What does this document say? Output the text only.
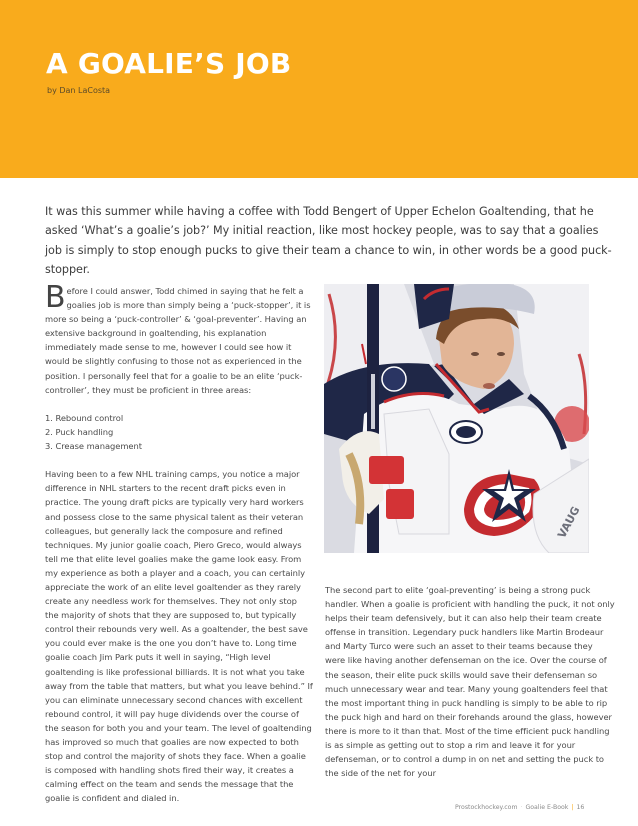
A GOALIE’S JOB
by Dan LaCosta

It was this summer while having a coffee with Todd Bengert of Upper Echelon Goaltending, that he asked ‘What’s a goalie’s job?’ My initial reaction, like most hockey people, was to say that a goalies job is simply to stop enough pucks to give their team a chance to win, in other words be a good puck-stopper.

Before I could answer, Todd chimed in saying that he felt a goalies job is more than simply being a ‘puck-stopper’, it is more so being a ‘puck-controller’ & ‘goal-preventer’. Having an extensive background in goaltending, his explanation immediately made sense to me, however I could see how it would be slightly confusing to those not as experienced in the position. I personally feel that for a goalie to be an elite ‘puck-controller’, they must be proficient in three areas:

1. Rebound control
2. Puck handling
3. Crease management

Having been to a few NHL training camps, you notice a major difference in NHL starters to the recent draft picks even in practice. The young draft picks are typically very hard workers and possess close to the same physical talent as their veteran colleagues, but generally lack the composure and refined techniques. My junior goalie coach, Piero Greco, would always tell me that elite level goalies make the game look easy. From my experience as both a player and a coach, you can certainly appreciate the work of an elite level goaltender as they rarely create any needless work for themselves. They not only stop the majority of shots that they are supposed to, but typically control their rebounds very well. As a goaltender, the best save you could ever make is the one you don’t have to. Long time goalie coach Jim Park puts it well in saying, “High level goaltending is like professional billiards. It is not what you take away from the table that matters, but what you leave behind.” If you can eliminate unnecessary second chances with excellent rebound control, it will pay huge dividends over the course of the season for both you and your team. The level of goaltending has improved so much that goalies are now expected to both stop and control the majority of shots they face. When a goalie is composed with handling shots fired their way, it creates a calming effect on the team and sends the message that the goalie is confident and dialed in.

VAUG

The second part to elite ‘goal-preventing’ is being a strong puck handler. When a goalie is proficient with handling the puck, it not only helps their team defensively, but it can also help their team create offense in transition. Legendary puck handlers like Martin Brodeaur and Marty Turco were such an asset to their teams because they were like having another defenseman on the ice. Over the course of the season, their elite puck skills would save their defenseman so much unnecessary wear and tear. Many young goaltenders feel that the most important thing in puck handling is simply to be able to rip the puck high and hard on their forehands around the glass, however there is more to it than that. Most of the time efficient puck handling is as simple as getting out to stop a rim and leave it for your defenseman, or to control a dump in on net and setting the puck to the side of the net for your

Prostockhockey.com · Goalie E-Book | 16
